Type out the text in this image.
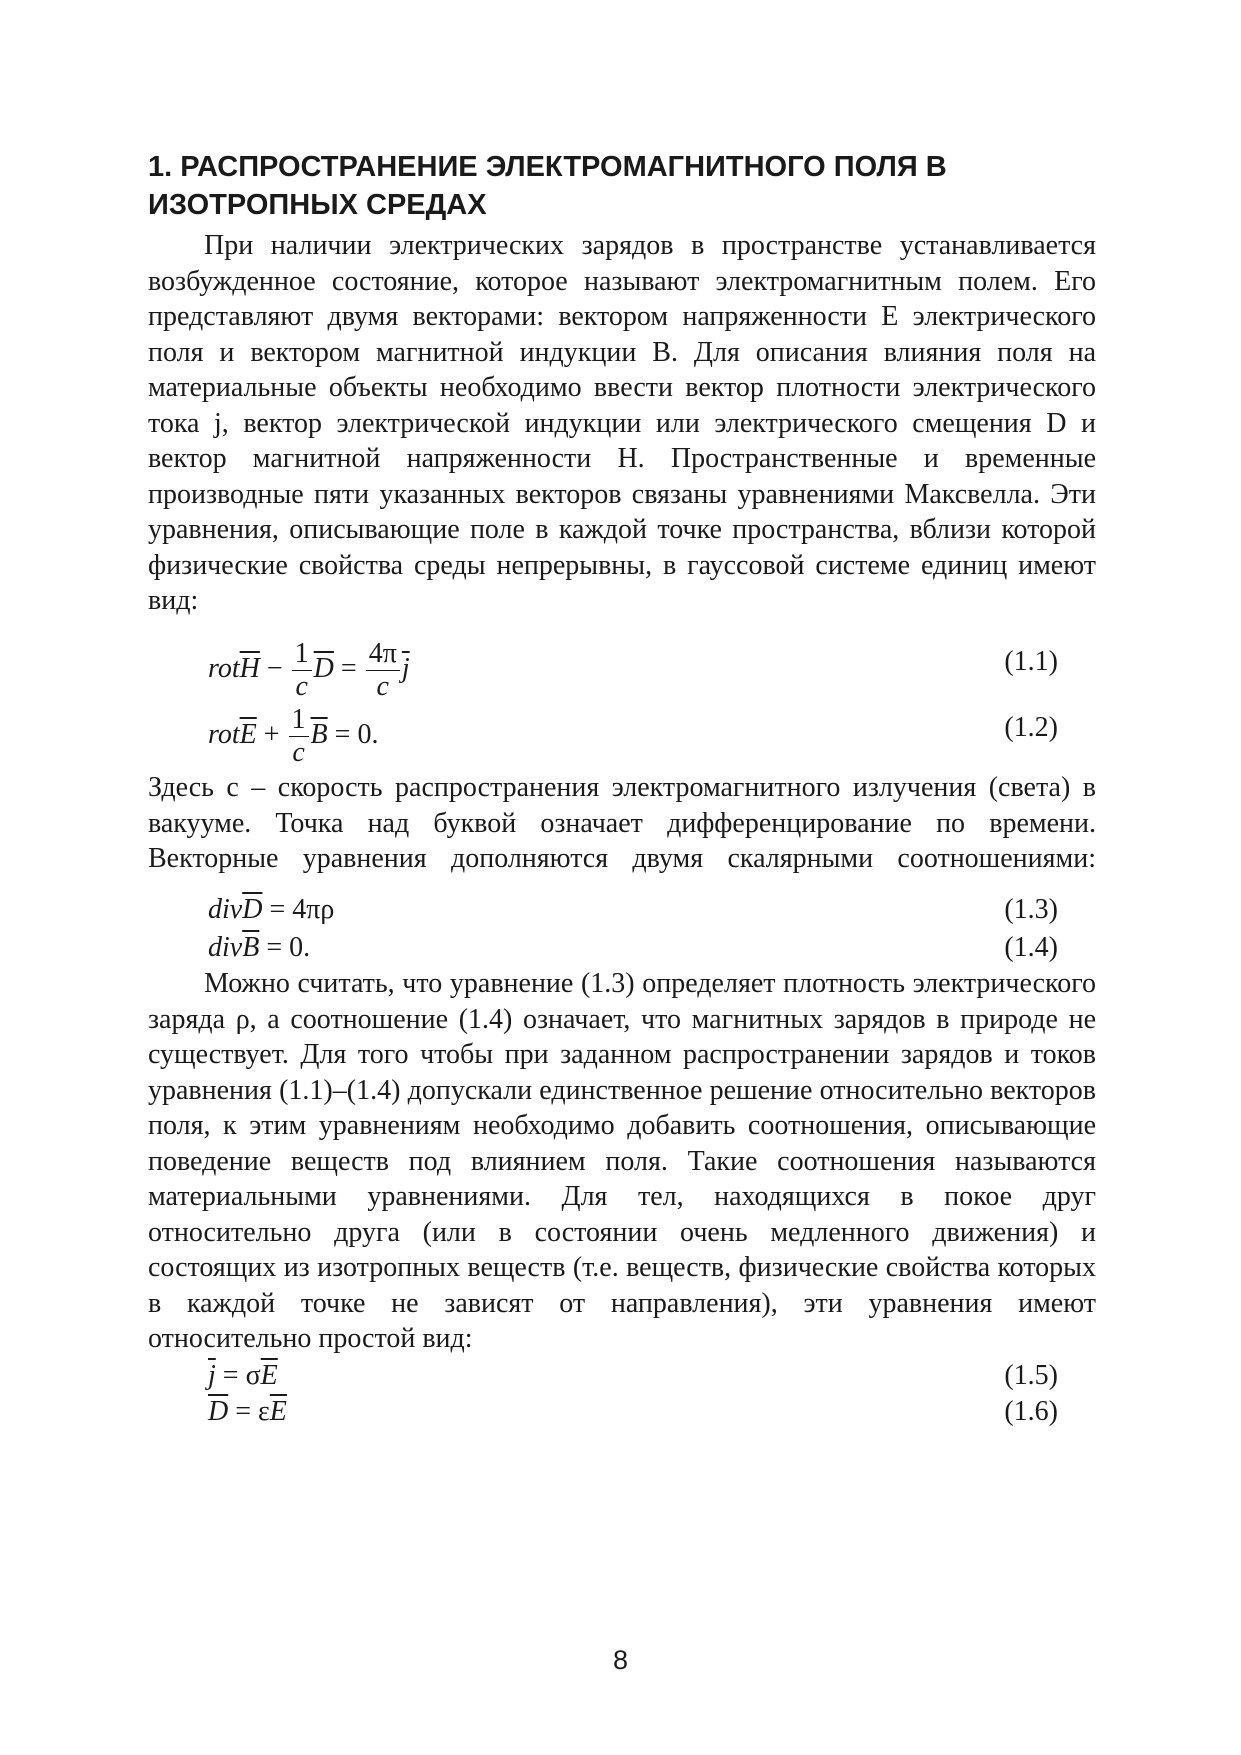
1. РАСПРОСТРАНЕНИЕ ЭЛЕКТРОМАГНИТНОГО ПОЛЯ В ИЗОТРОПНЫХ СРЕДАХ

При наличии электрических зарядов в пространстве устанавливается возбужденное состояние, которое называют электромагнитным полем. Его представляют двумя векторами: вектором напряженности E электрического поля и вектором магнитной индукции B. Для описания влияния поля на материальные объекты необходимо ввести вектор плотности электрического тока j, вектор электрической индукции или электрического смещения D и вектор магнитной напряженности H. Пространственные и временные производные пяти указанных векторов связаны уравнениями Максвелла. Эти уравнения, описывающие поле в каждой точке пространства, вблизи которой физические свойства среды непрерывны, в гауссовой системе единиц имеют вид:

$rot\overline{H} - \frac{1}{c} \overline{D} = \frac{4\pi}{c} \overline{j}$	(1.1)
$rot\overline{E} + \frac{1}{c} \overline{B} = 0$.	(1.2)

Здесь c – скорость распространения электромагнитного излучения (света) в вакууме. Точка над буквой означает дифференцирование по времени. Векторные уравнения дополняются двумя скалярными соотношениями:

$div\overline{D} = 4\pi\rho$	(1.3)
$div\overline{B} = 0$.	(1.4)

Можно считать, что уравнение (1.3) определяет плотность электрического заряда ρ, а соотношение (1.4) означает, что магнитных зарядов в природе не существует. Для того чтобы при заданном распространении зарядов и токов уравнения (1.1)–(1.4) допускали единственное решение относительно векторов поля, к этим уравнениям необходимо добавить соотношения, описывающие поведение веществ под влиянием поля. Такие соотношения называются материальными уравнениями. Для тел, находящихся в покое друг относительно друга (или в состоянии очень медленного движения) и состоящих из изотропных веществ (т.е. веществ, физические свойства которых в каждой точке не зависят от направления), эти уравнения имеют относительно простой вид:

$\overline{j} = \sigma\overline{E}$	(1.5)
$\overline{D} = \varepsilon\overline{E}$	(1.6)
8
